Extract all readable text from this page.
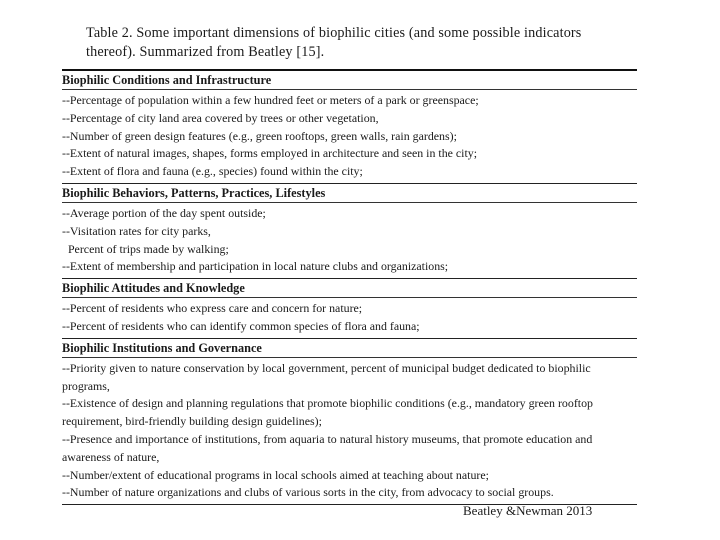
Table 2. Some important dimensions of biophilic cities (and some possible indicators thereof). Summarized from Beatley [15].

Biophilic Conditions and Infrastructure
--Percentage of population within a few hundred feet or meters of a park or greenspace;
--Percentage of city land area covered by trees or other vegetation,
--Number of green design features (e.g., green rooftops, green walls, rain gardens);
--Extent of natural images, shapes, forms employed in architecture and seen in the city;
--Extent of flora and fauna (e.g., species) found within the city;
Biophilic Behaviors, Patterns, Practices, Lifestyles
--Average portion of the day spent outside;
--Visitation rates for city parks,
Percent of trips made by walking;
--Extent of membership and participation in local nature clubs and organizations;
Biophilic Attitudes and Knowledge
--Percent of residents who express care and concern for nature;
--Percent of residents who can identify common species of flora and fauna;
Biophilic Institutions and Governance
--Priority given to nature conservation by local government, percent of municipal budget dedicated to biophilic programs,
--Existence of design and planning regulations that promote biophilic conditions (e.g., mandatory green rooftop requirement, bird-friendly building design guidelines);
--Presence and importance of institutions, from aquaria to natural history museums, that promote education and awareness of nature,
--Number/extent of educational programs in local schools aimed at teaching about nature;
--Number of nature organizations and clubs of various sorts in the city, from advocacy to social groups.
Beatley &Newman 2013
